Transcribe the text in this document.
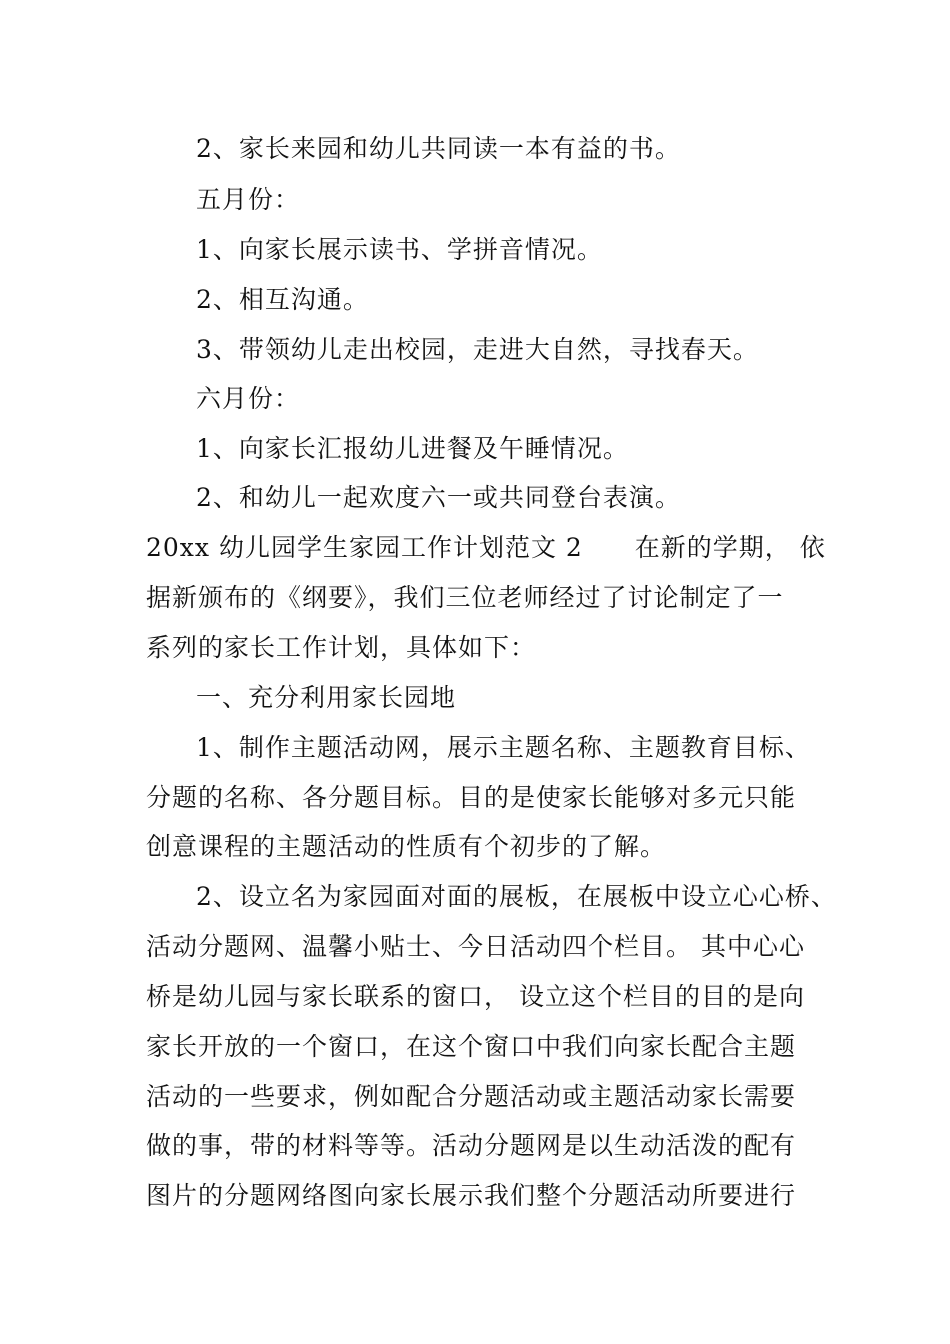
2、家长来园和幼儿共同读一本有益的书。
五月份：
1、向家长展示读书、学拼音情况。
2、相互沟通。
3、带领幼儿走出校园，走进大自然，寻找春天。
六月份：
1、向家长汇报幼儿进餐及午睡情况。
2、和幼儿一起欢度六一或共同登台表演。
20xx 幼儿园学生家园工作计划范文 2　　在新的学期， 依
据新颁布的《纲要》，我们三位老师经过了讨论制定了一
系列的家长工作计划，具体如下：
一、充分利用家长园地
1、制作主题活动网，展示主题名称、主题教育目标、
分题的名称、各分题目标。目的是使家长能够对多元只能
创意课程的主题活动的性质有个初步的了解。
2、设立名为家园面对面的展板，在展板中设立心心桥、
活动分题网、温馨小贴士、今日活动四个栏目。 其中心心
桥是幼儿园与家长联系的窗口， 设立这个栏目的目的是向
家长开放的一个窗口，在这个窗口中我们向家长配合主题
活动的一些要求，例如配合分题活动或主题活动家长需要
做的事，带的材料等等。活动分题网是以生动活泼的配有
图片的分题网络图向家长展示我们整个分题活动所要进行
